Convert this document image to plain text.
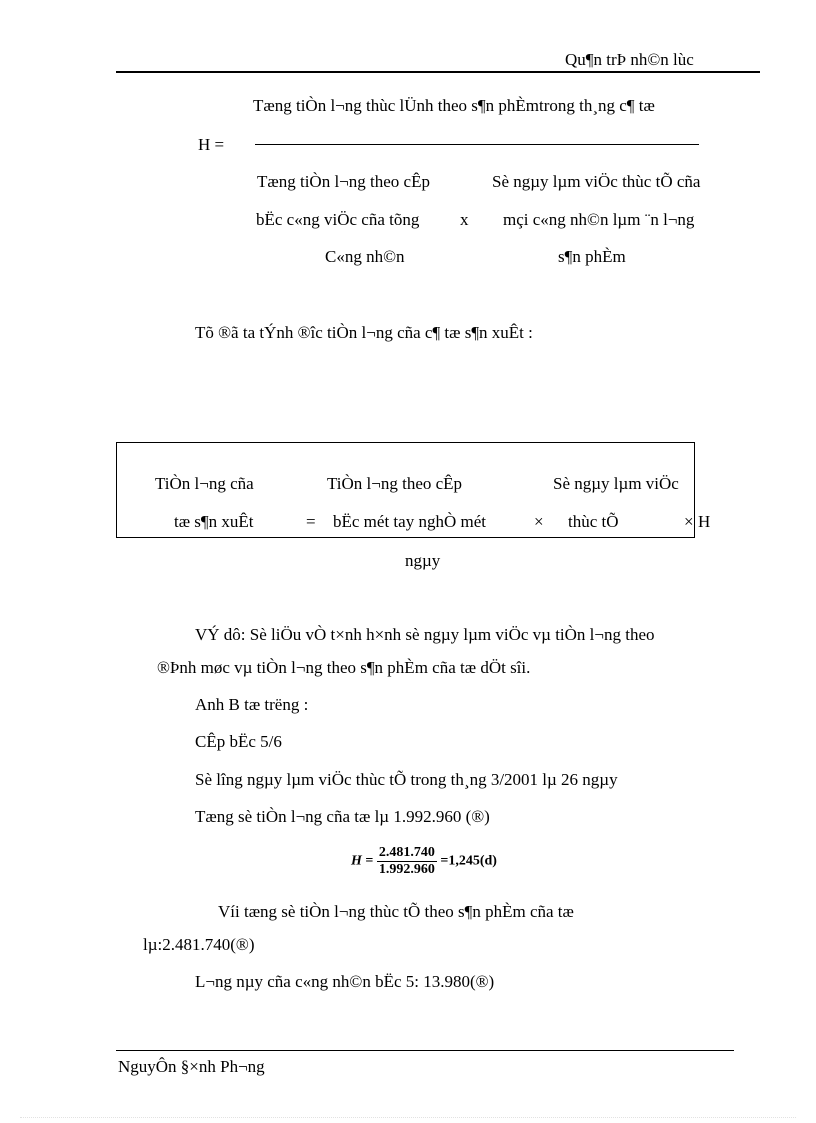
Qu¶n trÞ nh©n lùc
Tæng tiÒn l¬ng thùc lÜnh theo s¶n phÈmtrong th¸ng c¶ tæ
H =
Tæng tiÒn l¬ng theo cÊp	Sè ngµy lµm viÖc thùc tÕ cña
bËc c«ng viÖc cña tõng x mçi c«ng nh©n lµm ¨n l¬ng
C«ng nh©n	s¶n phÈm
Tõ ®ã ta tÝnh ®îc tiÒn l¬ng cña c¶ tæ s¶n xuÊt :
TiÒn l¬ng cña	TiÒn l¬ng theo cÊp	Sè ngµy lµm viÖc
tæ s¶n xuÊt	= bËc mét tay nghÒ mét	× thùc tÕ	× H
ngµy
VÝ dô: Sè liÖu vÒ t×nh h×nh sè ngµy lµm viÖc vµ tiÒn l¬ng theo
®Þnh møc vµ tiÒn l¬ng theo s¶n phÈm cña tæ dÖt sîi.
Anh B tæ trëng :
CÊp bËc 5/6
Sè lîng ngµy lµm viÖc thùc tÕ trong th¸ng 3/2001 lµ 26 ngµy
Tæng sè tiÒn l¬ng cña tæ lµ 1.992.960 (®)
$H = \frac{2.481.740}{1.992.960} =1,245(d)$
Víi tæng sè tiÒn l¬ng thùc tÕ theo s¶n phÈm cña tæ
lµ:2.481.740(®)
L¬ng nµy cña c«ng nh©n bËc 5: 13.980(®)
NguyÔn §×nh Ph¬ng
